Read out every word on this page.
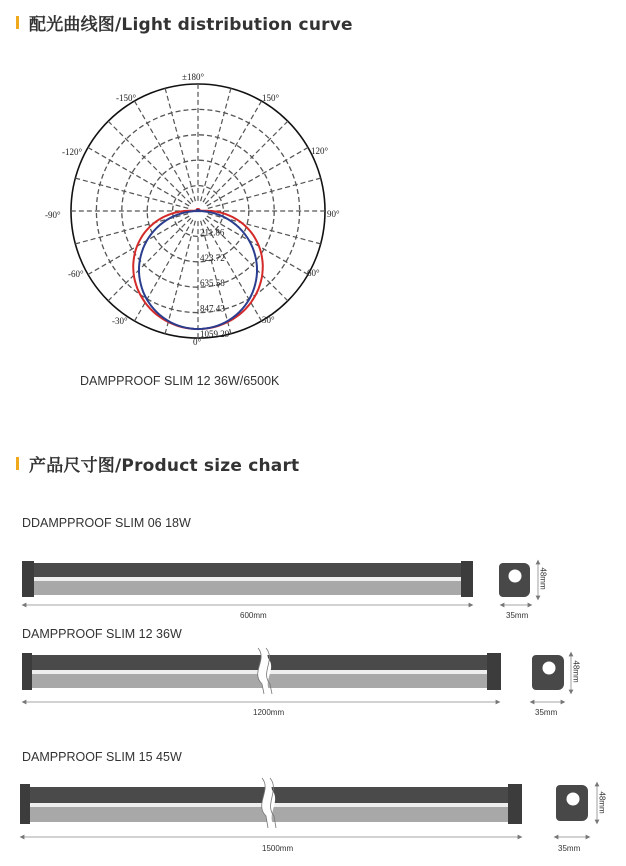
配光曲线图/Light distribution curve
211.86
423.72
635.58
847.43
1059.29
±180°
-150°	150°
-120°	120°
-90°	90°
-60°	60°
-30°	30°
0°
DAMPPROOF SLIM 12 36W/6500K
产品尺寸图/Product size chart
DDAMPPROOF SLIM 06 18W
600mm	35mm
48mm
DAMPPROOF SLIM 12 36W
1200mm	35mm
48mm
DAMPPROOF SLIM 15 45W
1500mm	35mm
48mm
